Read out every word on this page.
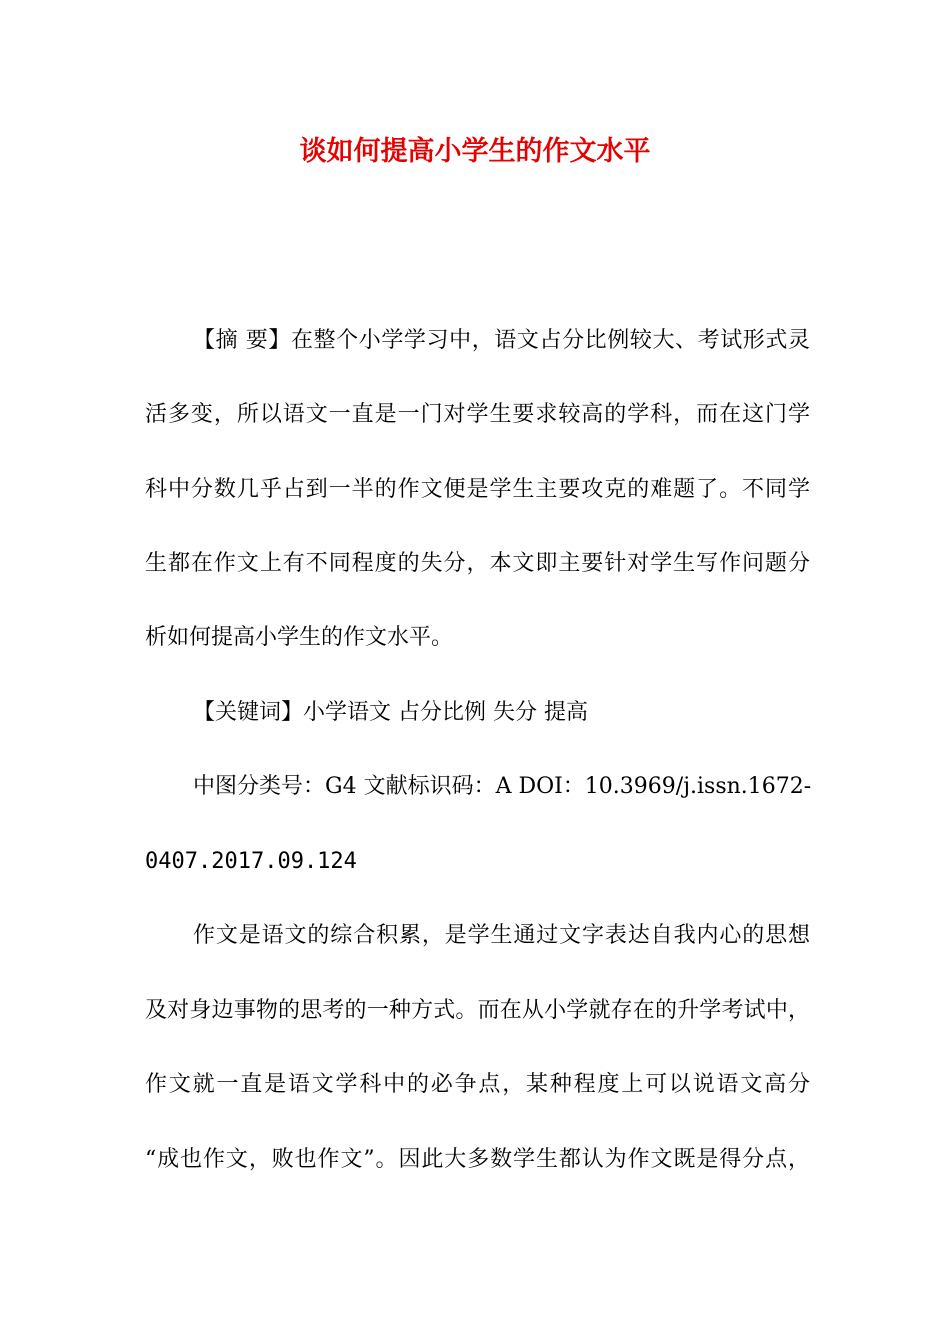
谈如何提高小学生的作文水平
【摘 要】在整个小学学习中，语文占分比例较大、考试形式灵
活多变，所以语文一直是一门对学生要求较高的学科，而在这门学
科中分数几乎占到一半的作文便是学生主要攻克的难题了。不同学
生都在作文上有不同程度的失分，本文即主要针对学生写作问题分
析如何提高小学生的作文水平。
【关键词】小学语文 占分比例 失分 提高
中图分类号：G4 文献标识码：A DOI：10.3969/j.issn.1672-
0407.2017.09.124
作文是语文的综合积累，是学生通过文字表达自我内心的思想
及对身边事物的思考的一种方式。而在从小学就存在的升学考试中，
作文就一直是语文学科中的必争点，某种程度上可以说语文高分
“成也作文，败也作文”。因此大多数学生都认为作文既是得分点，
